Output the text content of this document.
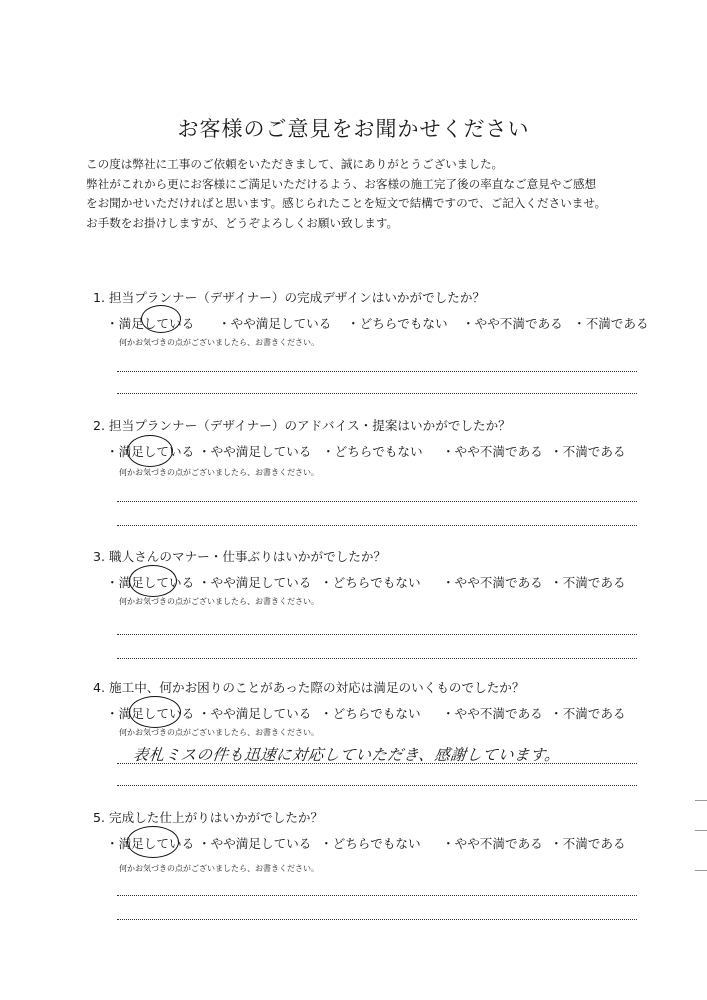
お客様のご意見をお聞かせください
この度は弊社に工事のご依頼をいただきまして、誠にありがとうございました。
弊社がこれから更にお客様にご満足いただけるよう、お客様の施工完了後の率直なご意見やご感想
をお聞かせいただければと思います。感じられたことを短文で結構ですので、ご記入くださいませ。
お手数をお掛けしますが、どうぞよろしくお願い致します。
1. 担当プランナー（デザイナー）の完成デザインはいかがでしたか？
・満足している ・やや満足している ・どちらでもない ・やや不満である ・不満である
何かお気づきの点がございましたら、お書きください。
2. 担当プランナー（デザイナー）のアドバイス・提案はいかがでしたか？
・満足している ・やや満足している ・どちらでもない ・やや不満である ・不満である
何かお気づきの点がございましたら、お書きください。
3. 職人さんのマナー・仕事ぶりはいかがでしたか？
・満足している ・やや満足している ・どちらでもない ・やや不満である ・不満である
何かお気づきの点がございましたら、お書きください。
4. 施工中、何かお困りのことがあった際の対応は満足のいくものでしたか？
・満足している ・やや満足している ・どちらでもない ・やや不満である ・不満である
何かお気づきの点がございましたら、お書きください。
表札ミスの件も迅速に対応していただき、感謝しています。
5. 完成した仕上がりはいかがでしたか？
・満足している ・やや満足している ・どちらでもない ・やや不満である ・不満である
何かお気づきの点がございましたら、お書きください。
